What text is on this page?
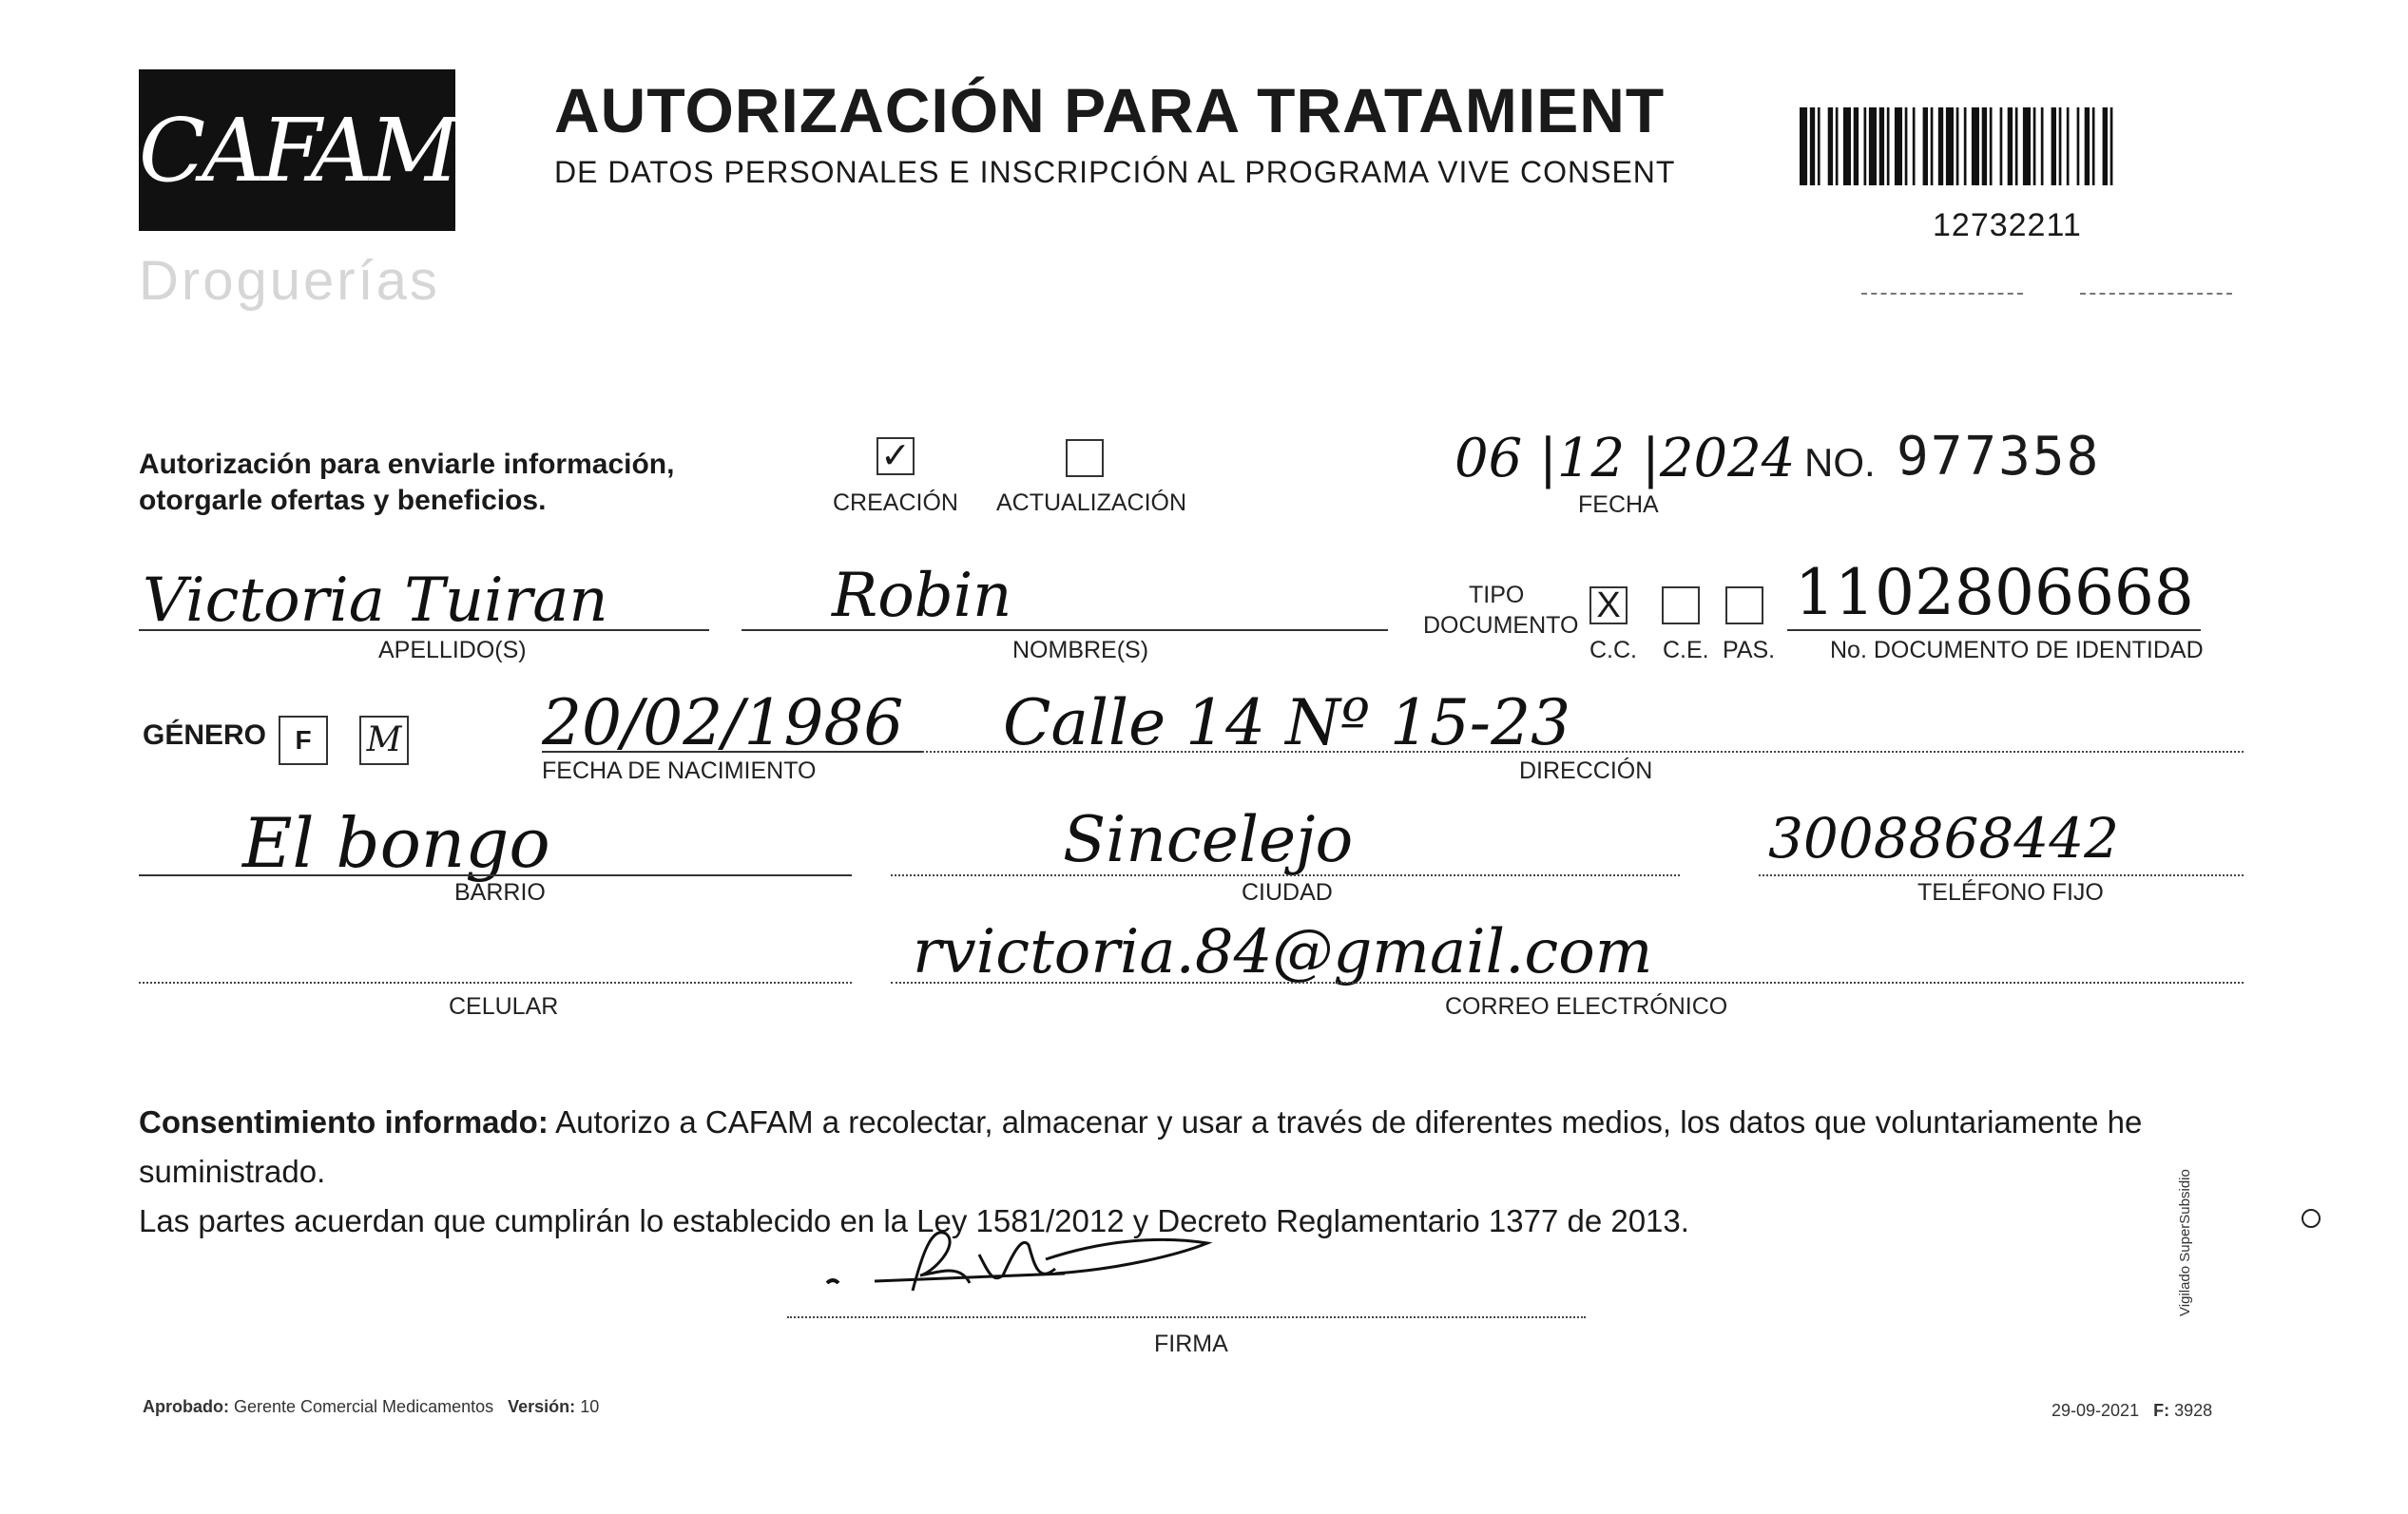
CAFAM
Droguerías
AUTORIZACIÓN PARA TRATAMIENT
DE DATOS PERSONALES E INSCRIPCIÓN AL PROGRAMA VIVE CONSENT
12732211
Autorización para enviarle información,
otorgarle ofertas y beneficios.
✓
CREACIÓN ACTUALIZACIÓN
06 |12 |2024
FECHA
NO. 977358
Victoria Tuiran
APELLIDO(S)
Robin
NOMBRE(S)
TIPO
DOCUMENTO X
C.C. C.E. PAS.
1102806668
No. DOCUMENTO DE IDENTIDAD
GÉNERO F M 20/02/1986
FECHA DE NACIMIENTO
Calle 14 Nº 15-23
DIRECCIÓN
El bongo
BARRIO
Sincelejo
CIUDAD
3008868442
TELÉFONO FIJO
CELULAR
rvictoria.84@gmail.com
CORREO ELECTRÓNICO
Consentimiento informado: Autorizo a CAFAM a recolectar, almacenar y usar a través de diferentes medios, los datos que voluntariamente he suministrado.
Las partes acuerdan que cumplirán lo establecido en la Ley 1581/2012 y Decreto Reglamentario 1377 de 2013.
FIRMA
Aprobado: Gerente Comercial Medicamentos Versión: 10	29-09-2021 F: 3928
Vigilado SuperSubsidio
